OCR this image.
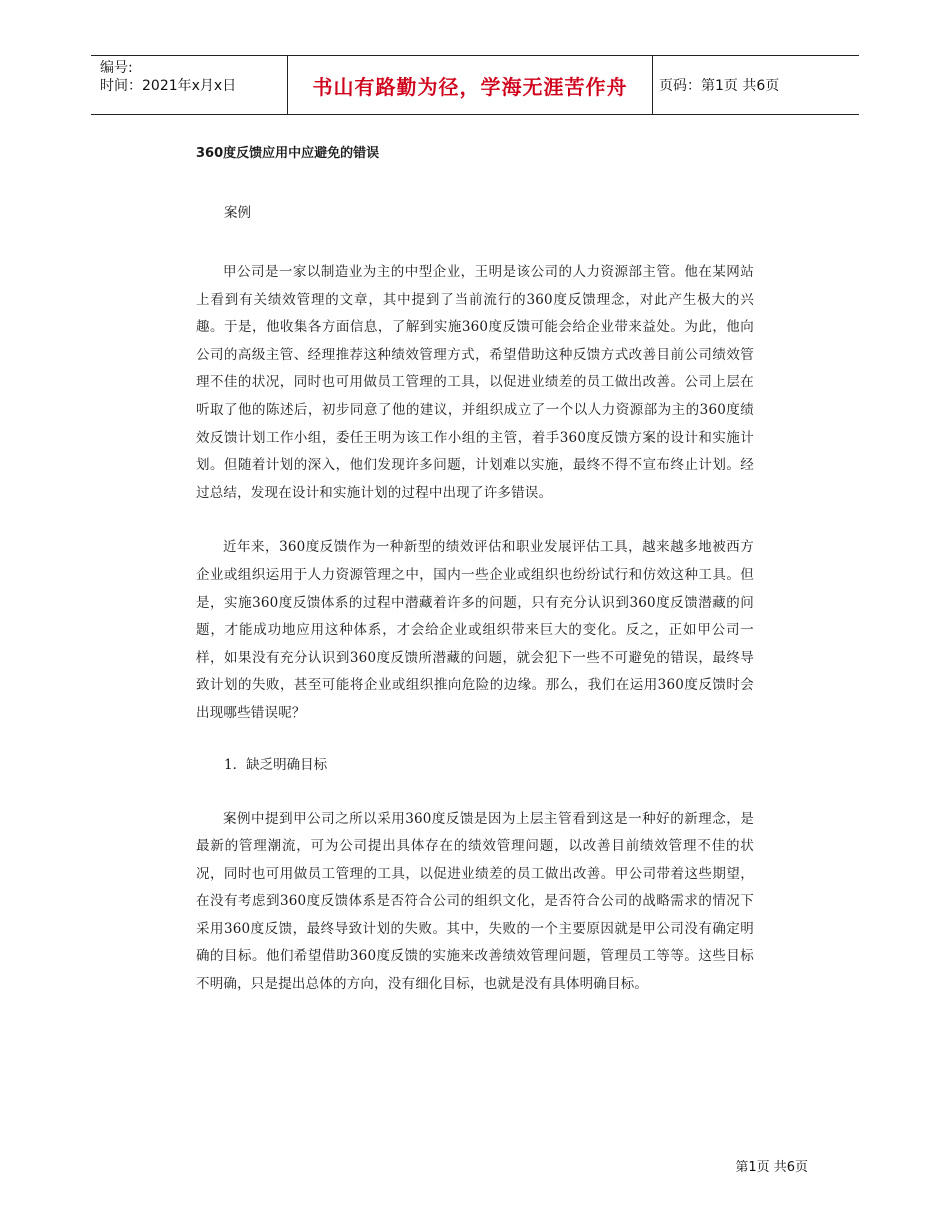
编号:
时间：2021年x月x日	书山有路勤为径，学海无涯苦作舟	页码：第1页 共6页
360度反馈应用中应避免的错误
案例

甲公司是一家以制造业为主的中型企业，王明是该公司的人力资源部主管。他在某网站上看到有关绩效管理的文章，其中提到了当前流行的360度反馈理念，对此产生极大的兴趣。于是，他收集各方面信息，了解到实施360度反馈可能会给企业带来益处。为此，他向公司的高级主管、经理推荐这种绩效管理方式，希望借助这种反馈方式改善目前公司绩效管理不佳的状况，同时也可用做员工管理的工具，以促进业绩差的员工做出改善。公司上层在听取了他的陈述后，初步同意了他的建议，并组织成立了一个以人力资源部为主的360度绩效反馈计划工作小组，委任王明为该工作小组的主管，着手360度反馈方案的设计和实施计划。但随着计划的深入，他们发现许多问题，计划难以实施，最终不得不宣布终止计划。经过总结，发现在设计和实施计划的过程中出现了许多错误。

近年来，360度反馈作为一种新型的绩效评估和职业发展评估工具，越来越多地被西方企业或组织运用于人力资源管理之中，国内一些企业或组织也纷纷试行和仿效这种工具。但是，实施360度反馈体系的过程中潜藏着许多的问题，只有充分认识到360度反馈潜藏的问题，才能成功地应用这种体系，才会给企业或组织带来巨大的变化。反之，正如甲公司一样，如果没有充分认识到360度反馈所潜藏的问题，就会犯下一些不可避免的错误，最终导致计划的失败，甚至可能将企业或组织推向危险的边缘。那么，我们在运用360度反馈时会出现哪些错误呢？

1．缺乏明确目标

案例中提到甲公司之所以采用360度反馈是因为上层主管看到这是一种好的新理念，是最新的管理潮流，可为公司提出具体存在的绩效管理问题，以改善目前绩效管理不佳的状况，同时也可用做员工管理的工具，以促进业绩差的员工做出改善。甲公司带着这些期望，在没有考虑到360度反馈体系是否符合公司的组织文化，是否符合公司的战略需求的情况下采用360度反馈，最终导致计划的失败。其中，失败的一个主要原因就是甲公司没有确定明确的目标。他们希望借助360度反馈的实施来改善绩效管理问题，管理员工等等。这些目标不明确，只是提出总体的方向，没有细化目标，也就是没有具体明确目标。

第1页 共6页
